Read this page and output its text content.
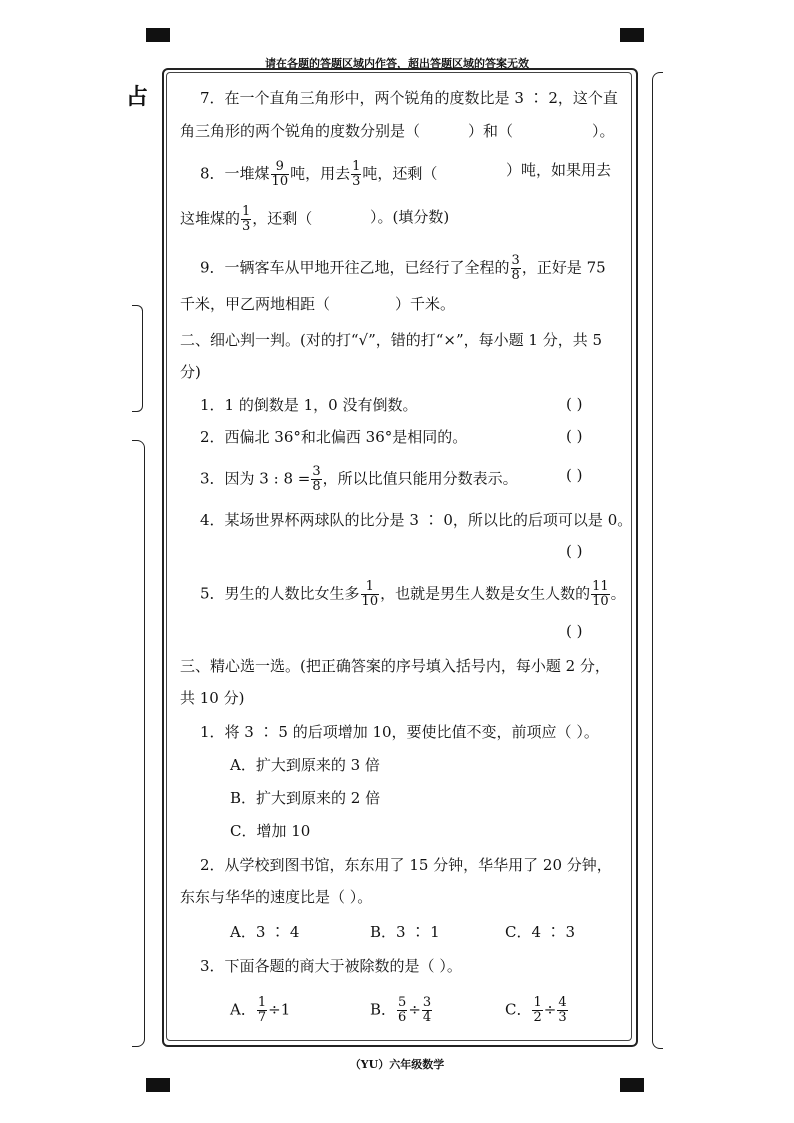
请在各题的答题区域内作答，超出答题区域的答案无效
占	7．在一个直角三角形中，两个锐角的度数比是 3 ∶ 2，这个直
角三角形的两个锐角的度数分别是（	）和（	）。
8．一堆煤 $\frac{9}{10}$ 吨，用去 $\frac{1}{3}$ 吨，还剩（	）吨，如果用去
这堆煤的 $\frac{1}{3}$ ，还剩（	）。(填分数)
9．一辆客车从甲地开往乙地，已经行了全程的 $\frac{3}{8}$ ，正好是 75
千米，甲乙两地相距（	）千米。
二、细心判一判。(对的打“√”，错的打“×”，每小题 1 分，共 5
分)
1．1 的倒数是 1，0 没有倒数。	( )
2．西偏北 36°和北偏西 36°是相同的。	( )
3．因为 3 : $8 = \frac{3}{8}$ ，所以比值只能用分数表示。	( )
4．某场世界杯两球队的比分是 3 ∶ 0，所以比的后项可以是 0。
( )
5．男生的人数比女生多 $\frac{1}{10}$ ，也就是男生人数是女生人数的 $\frac{11}{10}$ 。
( )
三、精心选一选。(把正确答案的序号填入括号内，每小题 2 分，
共 10 分)
1．将 3 ∶ 5 的后项增加 10，要使比值不变，前项应（ ）。
A．扩大到原来的 3 倍
B．扩大到原来的 2 倍
C．增加 10
2．从学校到图书馆，东东用了 15 分钟，华华用了 20 分钟，
东东与华华的速度比是（ ）。
A．3 ∶ 4	B．3 ∶ 1	C．4 ∶ 3
3．下面各题的商大于被除数的是（ ）。
A． $\frac{1}{7} \div 1$	B． $\frac{5}{6} \div \frac{3}{4}$	C． $\frac{1}{2} \div \frac{4}{3}$
（YU）六年级数学
